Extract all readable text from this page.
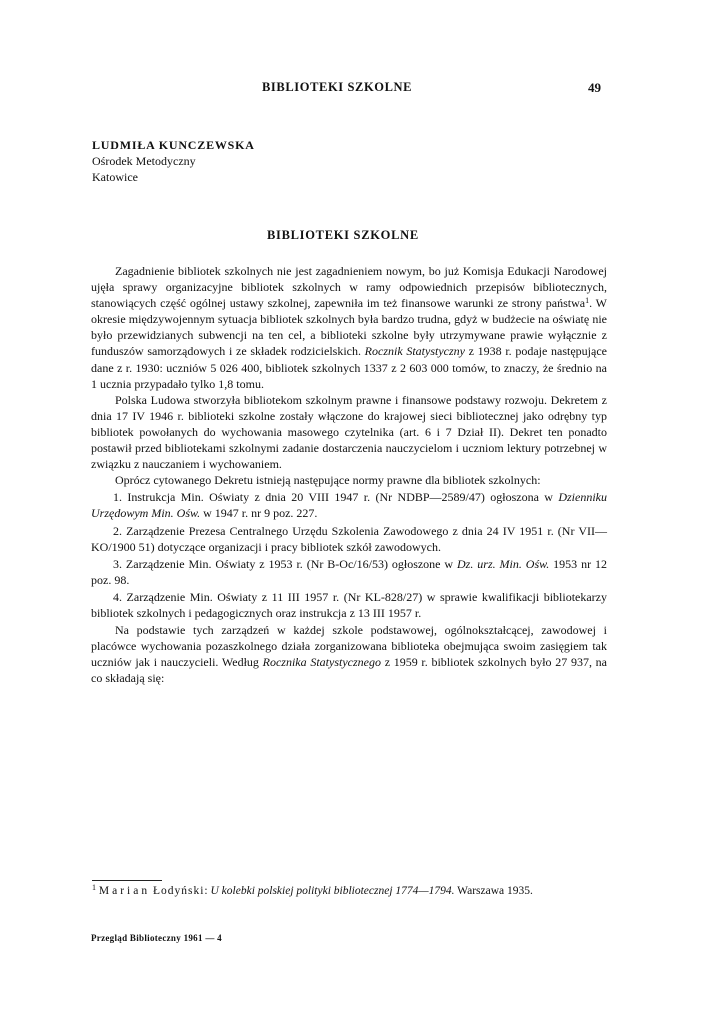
BIBLIOTEKI SZKOLNE	49
LUDMIŁA KUNCZEWSKA
Ośrodek Metodyczny
Katowice
BIBLIOTEKI SZKOLNE

Zagadnienie bibliotek szkolnych nie jest zagadnieniem nowym, bo już Komisja Edukacji Narodowej ujęła sprawy organizacyjne bibliotek szkolnych w ramy odpowiednich przepisów bibliotecznych, stanowiących część ogólnej ustawy szkolnej, zapewniła im też finansowe warunki ze strony państwa$^1$. W okresie międzywojennym sytuacja bibliotek szkolnych była bardzo trudna, gdyż w budżecie na oświatę nie było przewidzianych subwencji na ten cel, a biblioteki szkolne były utrzymywane prawie wyłącznie z funduszów samorządowych i ze składek rodzicielskich. Rocznik Statystyczny z 1938 r. podaje następujące dane z r. 1930: uczniów 5 026 400, bibliotek szkolnych 1337 z 2 603 000 tomów, to znaczy, że średnio na 1 ucznia przypadało tylko 1,8 tomu.

Polska Ludowa stworzyła bibliotekom szkolnym prawne i finansowe podstawy rozwoju. Dekretem z dnia 17 IV 1946 r. biblioteki szkolne zostały włączone do krajowej sieci bibliotecznej jako odrębny typ bibliotek powołanych do wychowania masowego czytelnika (art. 6 i 7 Dział II). Dekret ten ponadto postawił przed bibliotekami szkolnymi zadanie dostarczenia nauczycielom i uczniom lektury potrzebnej w związku z nauczaniem i wychowaniem.

Oprócz cytowanego Dekretu istnieją następujące normy prawne dla bibliotek szkolnych:

1. Instrukcja Min. Oświaty z dnia 20 VIII 1947 r. (Nr NDBP—2589/47) ogłoszona w Dzienniku Urzędowym Min. Ośw. w 1947 r. nr 9 poz. 227.

2. Zarządzenie Prezesa Centralnego Urzędu Szkolenia Zawodowego z dnia 24 IV 1951 r. (Nr VII—KO/1900 51) dotyczące organizacji i pracy bibliotek szkół zawodowych.

3. Zarządzenie Min. Oświaty z 1953 r. (Nr B-Oc/16/53) ogłoszone w Dz. urz. Min. Ośw. 1953 nr 12 poz. 98.

4. Zarządzenie Min. Oświaty z 11 III 1957 r. (Nr KL-828/27) w sprawie kwalifikacji bibliotekarzy bibliotek szkolnych i pedagogicznych oraz instrukcja z 13 III 1957 r.

Na podstawie tych zarządzeń w każdej szkole podstawowej, ogólnokształcącej, zawodowej i placówce wychowania pozaszkolnego działa zorganizowana biblioteka obejmująca swoim zasięgiem tak uczniów jak i nauczycieli. Według Rocznika Statystycznego z 1959 r. bibliotek szkolnych było 27 937, na co składają się:

$^1$ Marian Łodyński: U kolebki polskiej polityki bibliotecznej 1774—1794. Warszawa 1935.
Przegląd Biblioteczny 1961 — 4
